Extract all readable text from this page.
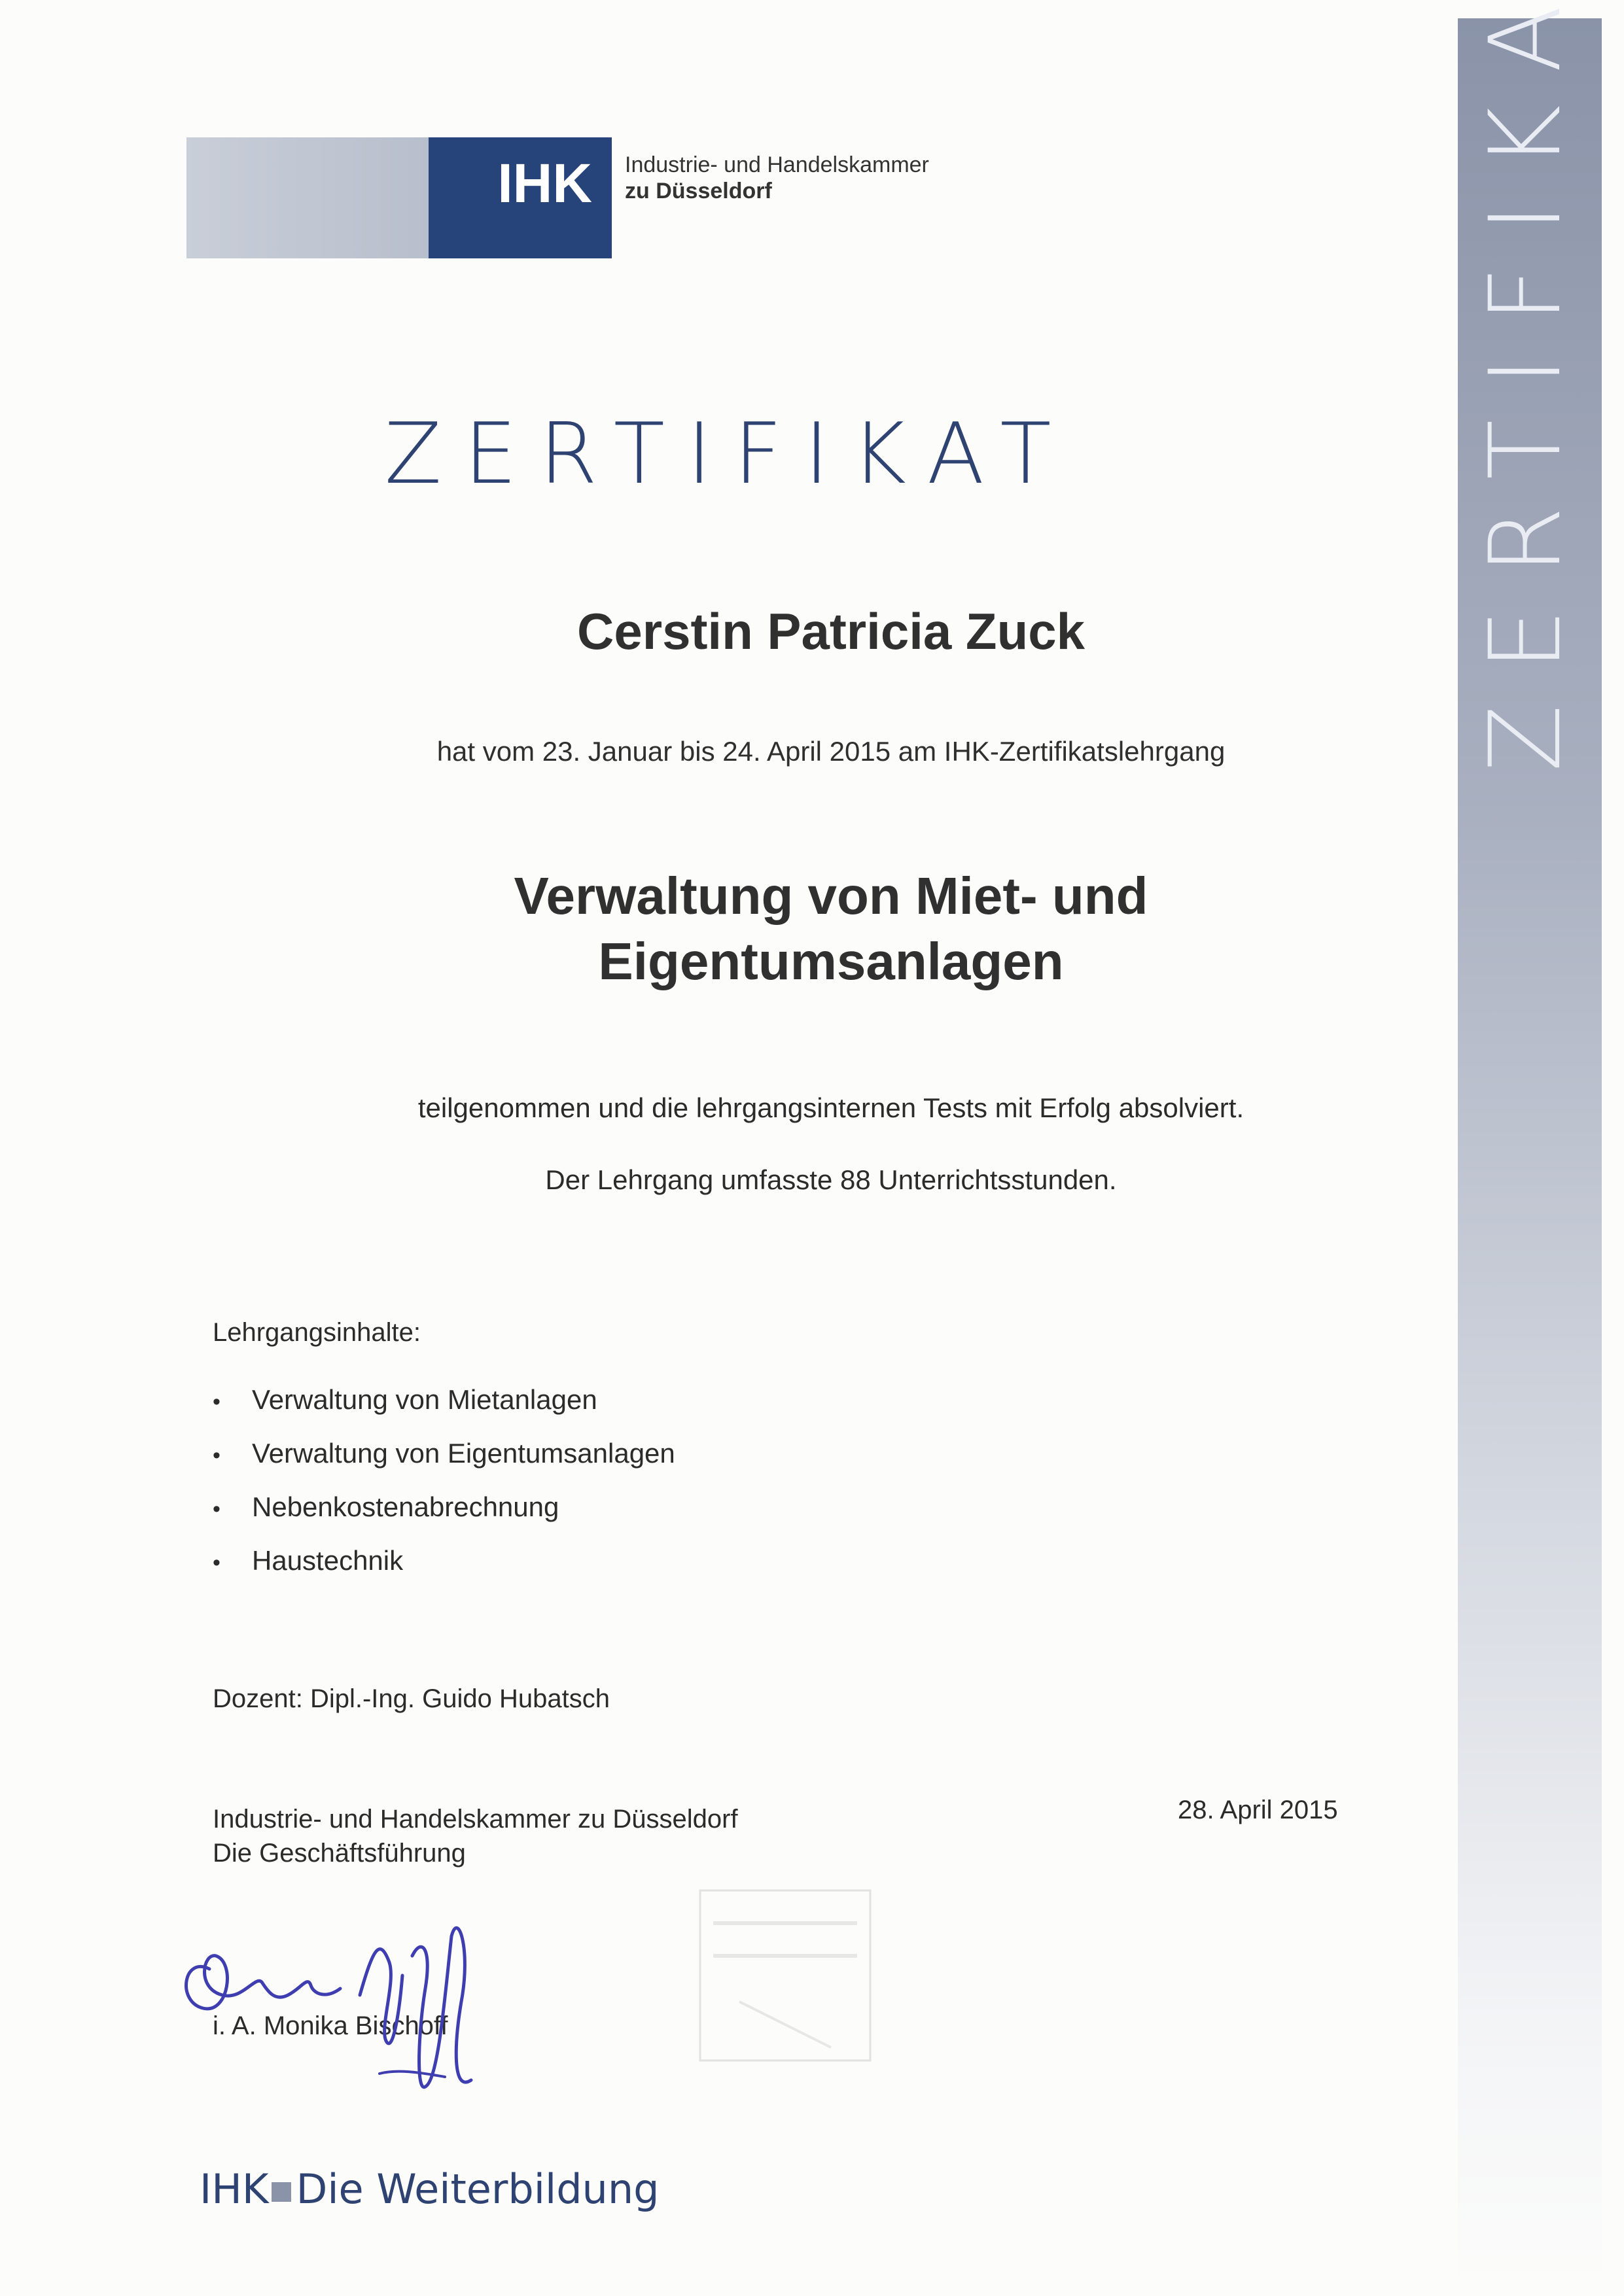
IHK Industrie- und Handelskammer
zu Düsseldorf
ZERTIFIKAT
Cerstin Patricia Zuck
hat vom 23. Januar bis 24. April 2015 am IHK-Zertifikatslehrgang
Verwaltung von Miet- und
Eigentumsanlagen
teilgenommen und die lehrgangsinternen Tests mit Erfolg absolviert.
Der Lehrgang umfasste 88 Unterrichtsstunden.
Lehrgangsinhalte:
• Verwaltung von Mietanlagen
• Verwaltung von Eigentumsanlagen
• Nebenkostenabrechnung
• Haustechnik
Dozent: Dipl.-Ing. Guido Hubatsch
Industrie- und Handelskammer zu Düsseldorf
Die Geschäftsführung
28. April 2015
i. A. Monika Bischoff
IHK Die Weiterbildung
